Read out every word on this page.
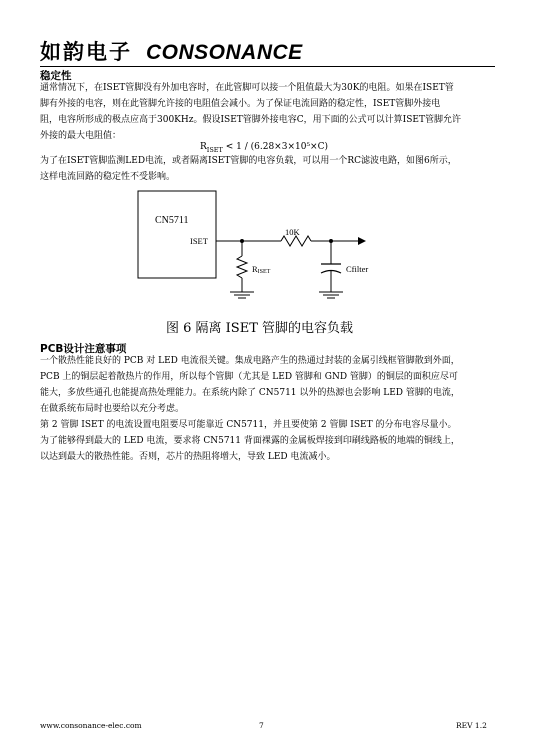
如韵电子 CONSONANCE
稳定性

通常情况下，在ISET管脚没有外加电容时，在此管脚可以接一个阻值最大为30K的电阻。如果在ISET管

脚有外接的电容，则在此管脚允许接的电阻值会减小。为了保证电流回路的稳定性，ISET管脚外接电

阻，电容所形成的极点应高于300KHz。假设ISET管脚外接电容C，用下面的公式可以计算ISET管脚允许

外接的最大电阻值：

$R_{ISET} < 1 / (6.28\times 3\times 10^5\times C)$

为了在ISET管脚监测LED电流，或者隔离ISET管脚的电容负载，可以用一个RC滤波电路，如图6所示，

这样电流回路的稳定性不受影响。

CN5711
ISET
10K
RISET	Cfilter
图 6 隔离 ISET 管脚的电容负载
PCB设计注意事项

一个散热性能良好的 PCB 对 LED 电流很关键。集成电路产生的热通过封装的金属引线框管脚散到外面，

PCB 上的铜层起着散热片的作用，所以每个管脚（尤其是 LED 管脚和 GND 管脚）的铜层的面积应尽可

能大，多放些通孔也能提高热处理能力。在系统内除了 CN5711 以外的热源也会影响 LED 管脚的电流，

在做系统布局时也要给以充分考虑。

第 2 管脚 ISET 的电流设置电阻要尽可能靠近 CN5711，并且要使第 2 管脚 ISET 的分布电容尽量小。

为了能够得到最大的 LED 电流，要求将 CN5711 背面裸露的金属板焊接到印刷线路板的地端的铜线上，

以达到最大的散热性能。否则，芯片的热阻将增大，导致 LED 电流减小。

www.consonance-elec.com	7	REV 1.2
